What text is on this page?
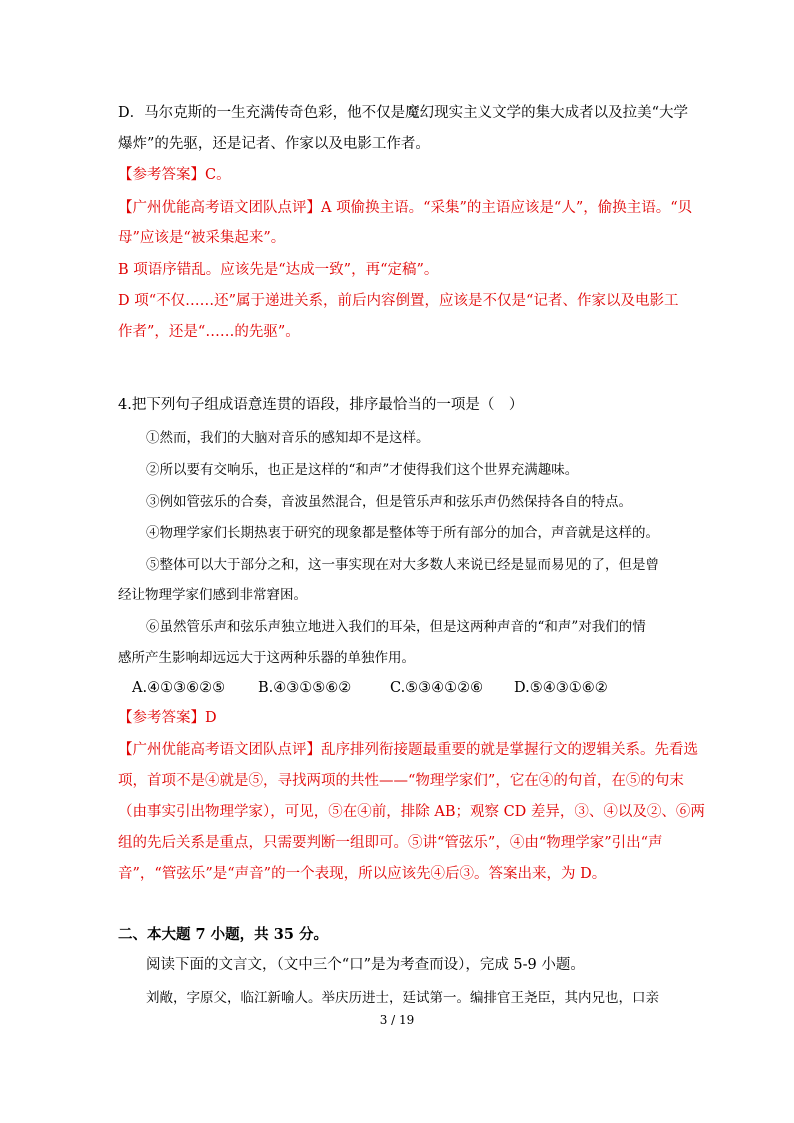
D．马尔克斯的一生充满传奇色彩，他不仅是魔幻现实主义文学的集大成者以及拉美“大学
爆炸”的先驱，还是记者、作家以及电影工作者。
【参考答案】C。
【广州优能高考语文团队点评】A 项偷换主语。“采集”的主语应该是“人”，偷换主语。“贝
母”应该是“被采集起来”。
B 项语序错乱。应该先是“达成一致”，再“定稿”。
D 项“不仅……还”属于递进关系，前后内容倒置，应该是不仅是“记者、作家以及电影工
作者”，还是“……的先驱”。
4.把下列句子组成语意连贯的语段，排序最恰当的一项是（　）
①然而，我们的大脑对音乐的感知却不是这样。
②所以要有交响乐，也正是这样的“和声”才使得我们这个世界充满趣味。
③例如管弦乐的合奏，音波虽然混合，但是管乐声和弦乐声仍然保持各自的特点。
④物理学家们长期热衷于研究的现象都是整体等于所有部分的加合，声音就是这样的。
⑤整体可以大于部分之和，这一事实现在对大多数人来说已经是显而易见的了，但是曾
经让物理学家们感到非常窘困。
⑥虽然管乐声和弦乐声独立地进入我们的耳朵，但是这两种声音的“和声”对我们的情
感所产生影响却远远大于这两种乐器的单独作用。
A.④①③⑥②⑤ B.④③①⑤⑥②	C.⑤③④①②⑥ D.⑤④③①⑥②
【参考答案】D
【广州优能高考语文团队点评】乱序排列衔接题最重要的就是掌握行文的逻辑关系。先看选
项，首项不是④就是⑤，寻找两项的共性——“物理学家们”，它在④的句首，在⑤的句末
（由事实引出物理学家），可见，⑤在④前，排除 AB；观察 CD 差异，③、④以及②、⑥两
组的先后关系是重点，只需要判断一组即可。⑤讲“管弦乐”，④由“物理学家”引出“声
音”，“管弦乐”是“声音”的一个表现，所以应该先④后③。答案出来，为 D。
二、本大题 7 小题，共 35 分。
阅读下面的文言文，（文中三个“口”是为考查而设），完成 5-9 小题。
刘敞，字原父，临江新喻人。举庆历进士，廷试第一。编排官王尧臣，其内兄也，口亲
3 / 19
